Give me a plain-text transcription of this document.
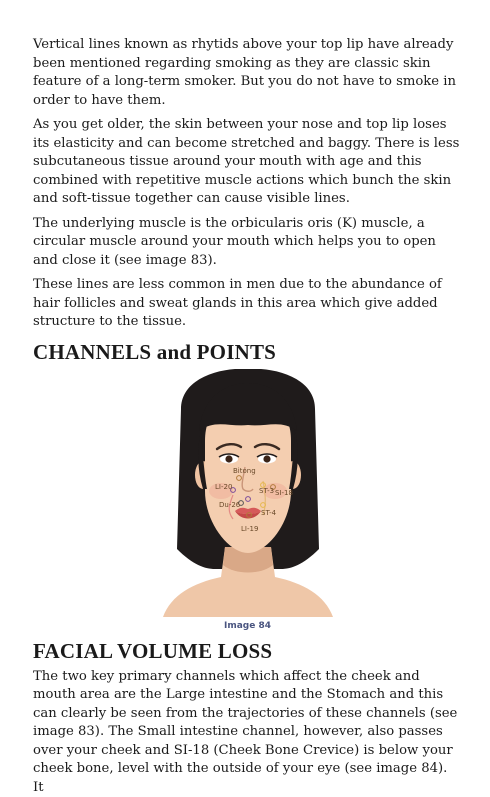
Vertical lines known as rhytids above your top lip have already been mentioned regarding smoking as they are classic skin feature of a long-term smoker. But you do not have to smoke in order to have them.

As you get older, the skin between your nose and top lip loses its elasticity and can become stretched and baggy. There is less subcutaneous tissue around your mouth with age and this combined with repetitive muscle actions which bunch the skin and soft-tissue together can cause visible lines.

The underlying muscle is the orbicularis oris (K) muscle, a circular muscle around your mouth which helps you to open and close it (see image 83).

These lines are less common in men due to the abundance of hair follicles and sweat glands in this area which give added structure to the tissue.

CHANNELS and POINTS
Bitong
LI-20	ST-3 SI-18
Du-26
ST-4
LI-19
Image 84
FACIAL VOLUME LOSS

The two key primary channels which affect the cheek and mouth area are the Large intestine and the Stomach and this can clearly be seen from the trajectories of these channels (see image 83). The Small intestine channel, however, also passes over your cheek and SI-18 (Cheek Bone Crevice) is below your cheek bone, level with the outside of your eye (see image 84). It
